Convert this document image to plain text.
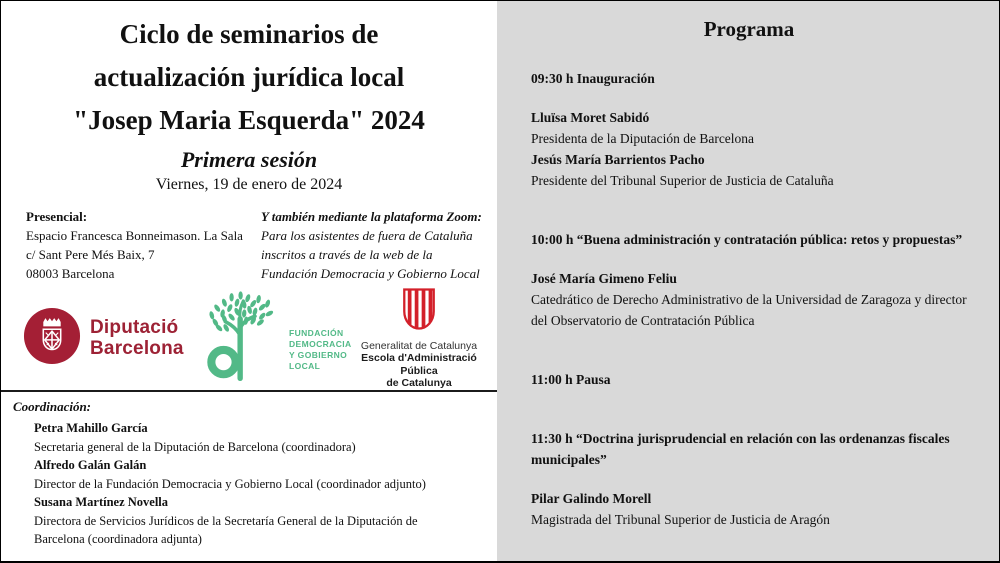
Ciclo de seminarios de
actualización jurídica local
"Josep Maria Esquerda" 2024
Primera sesión
Viernes, 19 de enero de 2024
Presencial:
Espacio Francesca Bonneimason. La Sala
c/ Sant Pere Més Baix, 7
08003 Barcelona
Y también mediante la plataforma Zoom:
Para los asistentes de fuera de Cataluña
inscritos a través de la web de la
Fundación Democracia y Gobierno Local
Diputació
Barcelona
FUNDACIÓN
DEMOCRACIA
Y GOBIERNO LOCAL
Generalitat de Catalunya
Escola d'Administració Pública
de Catalunya
Coordinación:
Petra Mahillo García
Secretaria general de la Diputación de Barcelona (coordinadora)
Alfredo Galán Galán
Director de la Fundación Democracia y Gobierno Local (coordinador adjunto)
Susana Martínez Novella
Directora de Servicios Jurídicos de la Secretaría General de la Diputación de Barcelona (coordinadora adjunta)
Programa
09:30 h Inauguración
Lluïsa Moret Sabidó
Presidenta de la Diputación de Barcelona
Jesús María Barrientos Pacho
Presidente del Tribunal Superior de Justicia de Cataluña
10:00 h “Buena administración y contratación pública: retos y propuestas”
José María Gimeno Feliu
Catedrático de Derecho Administrativo de la Universidad de Zaragoza y director del Observatorio de Contratación Pública
11:00 h Pausa
11:30 h “Doctrina jurisprudencial en relación con las ordenanzas fiscales municipales”
Pilar Galindo Morell
Magistrada del Tribunal Superior de Justicia de Aragón
